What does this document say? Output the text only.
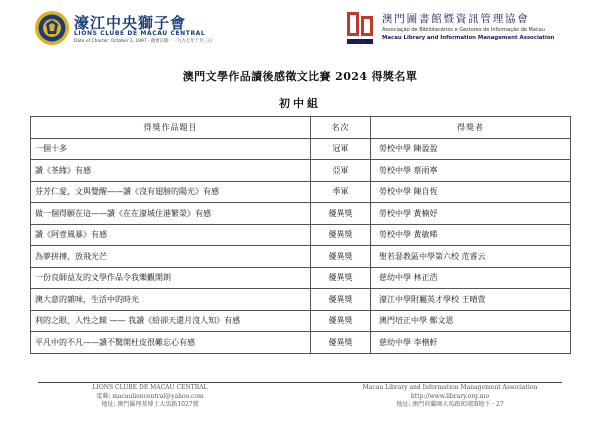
濠江中央獅子會
LIONS CLUBE DE MACAU CENTRAL
Date of Charter: October 3, 1997 · 創會日期：一九九七年十月三日
澳門圖書館暨資訊管理協會
Associação de Bibliotecários e Gestores de Informação de Macau
Macau Library and Information Management Association
澳門文學作品讀後感徵文比賽 2024 得獎名單
初中組
得獎作品題目	名次	得獎者
一個十多	冠軍	勞校中學 陳盈盈
讀《茶緣》有感	亞軍	勞校中學 蔡雨寧
芬芳仁愛，文與覺醒——讀《沒有翅膀的陽光》有感	季軍	勞校中學 陳自恆
做一個得願在這——讀《在在濠城住港繁榮》有感	優異獎	勞校中學 黃楠妤
讀《阿壹風暴》有感	優異獎	勞校中學 黃敏晞
為夢拼搏，放飛光芒	優異獎	聖若瑟教區中學第六校 范睿云
一份良師益友的文學作品令我樂觀開朗	優異獎	慈幼中學 林正浩
澳大意的雜味，生活中的時光	優異獎	濠江中學附屬英才學校 王晴萱
利的之眼，人性之鏡 —— 我讀《給卻天還月沒人知》有感	優異獎	澳門培正中學 鄭文恩
平凡中的不凡——讀不驚開杜皮很難忘心有感	優異獎	慈幼中學 李楷軒
LIONS CLUBE DE MACAU CENTRAL
電郵: macaulioncentral@yahoo.com
地址: 澳門羅理基博士大馬路1027號
Macau Library and Information Management Association
http://www.library.org.mo
地址: 澳門荷蘭園大馬路95號B地下 · 27
